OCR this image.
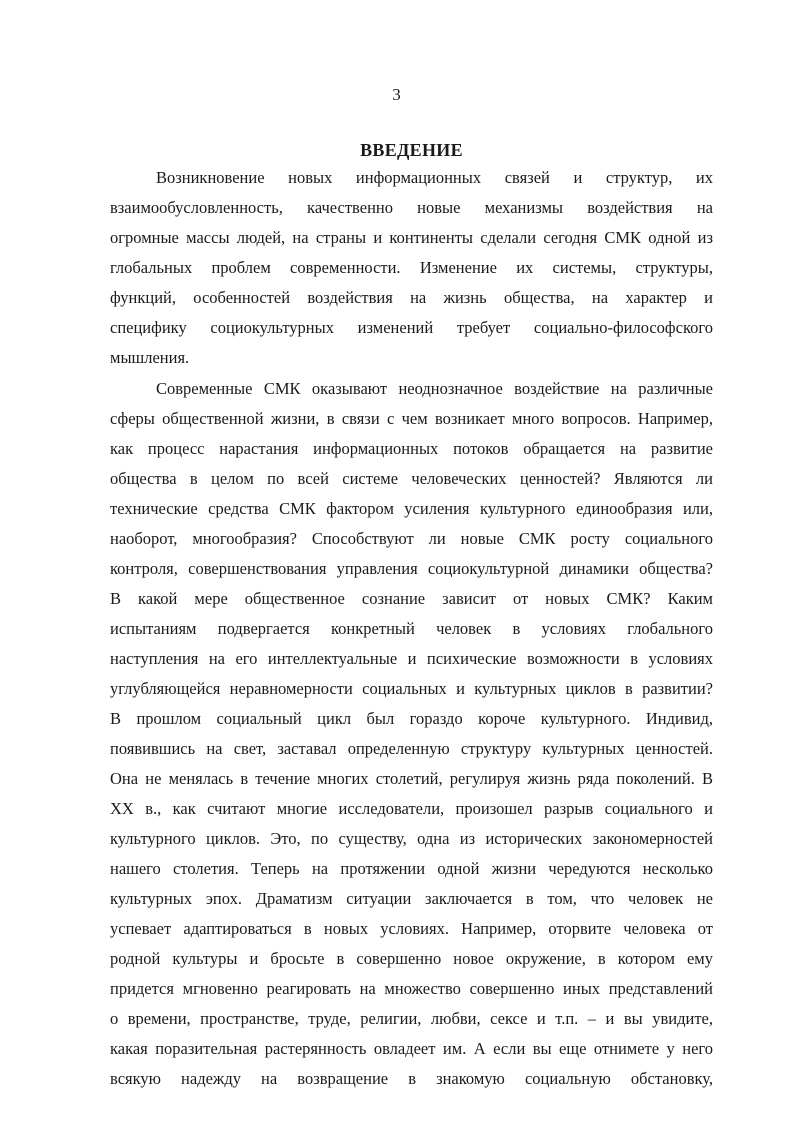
3
ВВЕДЕНИЕ
Возникновение новых информационных связей и структур, их
взаимообусловленность, качественно новые механизмы воздействия на
огромные массы людей, на страны и континенты сделали сегодня СМК одной из
глобальных проблем современности. Изменение их системы, структуры,
функций, особенностей воздействия на жизнь общества, на характер и
специфику социокультурных изменений требует социально-философского
мышления.
Современные СМК оказывают неоднозначное воздействие на различные
сферы общественной жизни, в связи с чем возникает много вопросов. Например,
как процесс нарастания информационных потоков обращается на развитие
общества в целом по всей системе человеческих ценностей? Являются ли
технические средства СМК фактором усиления культурного единообразия или,
наоборот, многообразия? Способствуют ли новые СМК росту социального
контроля, совершенствования управления социокультурной динамики общества?
В какой мере общественное сознание зависит от новых СМК? Каким
испытаниям подвергается конкретный человек в условиях глобального
наступления на его интеллектуальные и психические возможности в условиях
углубляющейся неравномерности социальных и культурных циклов в развитии?
В прошлом социальный цикл был гораздо короче культурного. Индивид,
появившись на свет, заставал определенную структуру культурных ценностей.
Она не менялась в течение многих столетий, регулируя жизнь ряда поколений. В
XX в., как считают многие исследователи, произошел разрыв социального и
культурного циклов. Это, по существу, одна из исторических закономерностей
нашего столетия. Теперь на протяжении одной жизни чередуются несколько
культурных эпох. Драматизм ситуации заключается в том, что человек не
успевает адаптироваться в новых условиях. Например, оторвите человека от
родной культуры и бросьте в совершенно новое окружение, в котором ему
придется мгновенно реагировать на множество совершенно иных представлений
о времени, пространстве, труде, религии, любви, сексе и т.п. – и вы увидите,
какая поразительная растерянность овладеет им. А если вы еще отнимете у него
всякую надежду на возвращение в знакомую социальную обстановку,
